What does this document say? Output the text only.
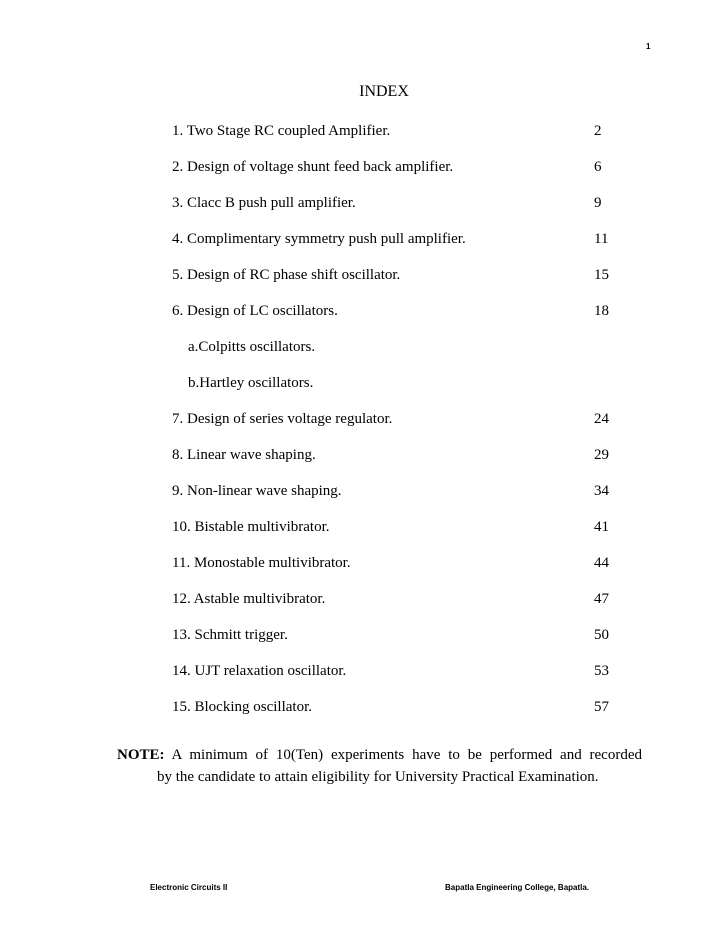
1
INDEX
1. Two Stage RC coupled Amplifier.	2
2. Design of voltage shunt feed back amplifier.	6
3. Clacc B push pull amplifier.	9
4. Complimentary symmetry push pull amplifier.	11
5. Design of RC phase shift oscillator.	15
6. Design of LC oscillators.	18
a.Colpitts oscillators.
b.Hartley oscillators.
7. Design of series voltage regulator.	24
8. Linear wave shaping.	29
9. Non-linear wave shaping.	34
10. Bistable multivibrator.	41
11. Monostable multivibrator.	44
12. Astable multivibrator.	47
13. Schmitt trigger.	50
14. UJT relaxation oscillator.	53
15. Blocking oscillator.	57
NOTE: A minimum of 10(Ten) experiments have to be performed and recorded
by the candidate to attain eligibility for University Practical Examination.
Electronic Circuits II	Bapatla Engineering College, Bapatla.
